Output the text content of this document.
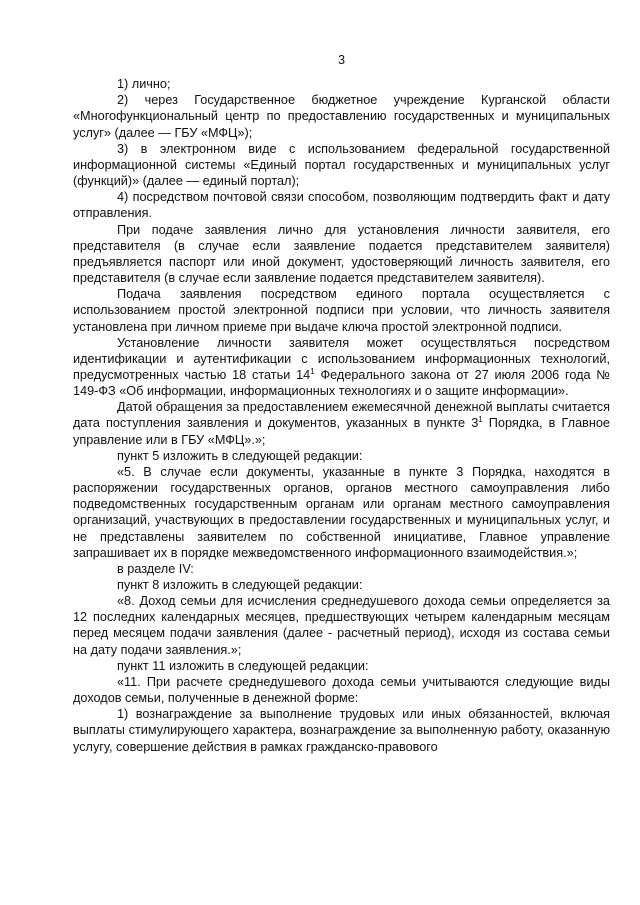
3

1) лично;

2) через Государственное бюджетное учреждение Курганской области «Многофункциональный центр по предоставлению государственных и муниципальных услуг» (далее — ГБУ «МФЦ»);

3) в электронном виде с использованием федеральной государственной информационной системы «Единый портал государственных и муниципальных услуг (функций)» (далее — единый портал);

4) посредством почтовой связи способом, позволяющим подтвердить факт и дату отправления.

При подаче заявления лично для установления личности заявителя, его представителя (в случае если заявление подается представителем заявителя) предъявляется паспорт или иной документ, удостоверяющий личность заявителя, его представителя (в случае если заявление подается представителем заявителя).

Подача заявления посредством единого портала осуществляется с использованием простой электронной подписи при условии, что личность заявителя установлена при личном приеме при выдаче ключа простой электронной подписи.

Установление личности заявителя может осуществляться посредством идентификации и аутентификации с использованием информационных технологий, предусмотренных частью 18 статьи $14^1$ Федерального закона от 27 июля 2006 года № 149-ФЗ «Об информации, информационных технологиях и о защите информации».

Датой обращения за предоставлением ежемесячной денежной выплаты считается дата поступления заявления и документов, указанных в пункте $3^1$ Порядка, в Главное управление или в ГБУ «МФЦ».»;

пункт 5 изложить в следующей редакции:

«5. В случае если документы, указанные в пункте 3 Порядка, находятся в распоряжении государственных органов, органов местного самоуправления либо подведомственных государственным органам или органам местного самоуправления организаций, участвующих в предоставлении государственных и муниципальных услуг, и не представлены заявителем по собственной инициативе, Главное управление запрашивает их в порядке межведомственного информационного взаимодействия.»;

в разделе IV:

пункт 8 изложить в следующей редакции:

«8. Доход семьи для исчисления среднедушевого дохода семьи определяется за 12 последних календарных месяцев, предшествующих четырем календарным месяцам перед месяцем подачи заявления (далее - расчетный период), исходя из состава семьи на дату подачи заявления.»;

пункт 11 изложить в следующей редакции:

«11. При расчете среднедушевого дохода семьи учитываются следующие виды доходов семьи, полученные в денежной форме:

1) вознаграждение за выполнение трудовых или иных обязанностей, включая выплаты стимулирующего характера, вознаграждение за выполненную работу, оказанную услугу, совершение действия в рамках гражданско-правового
